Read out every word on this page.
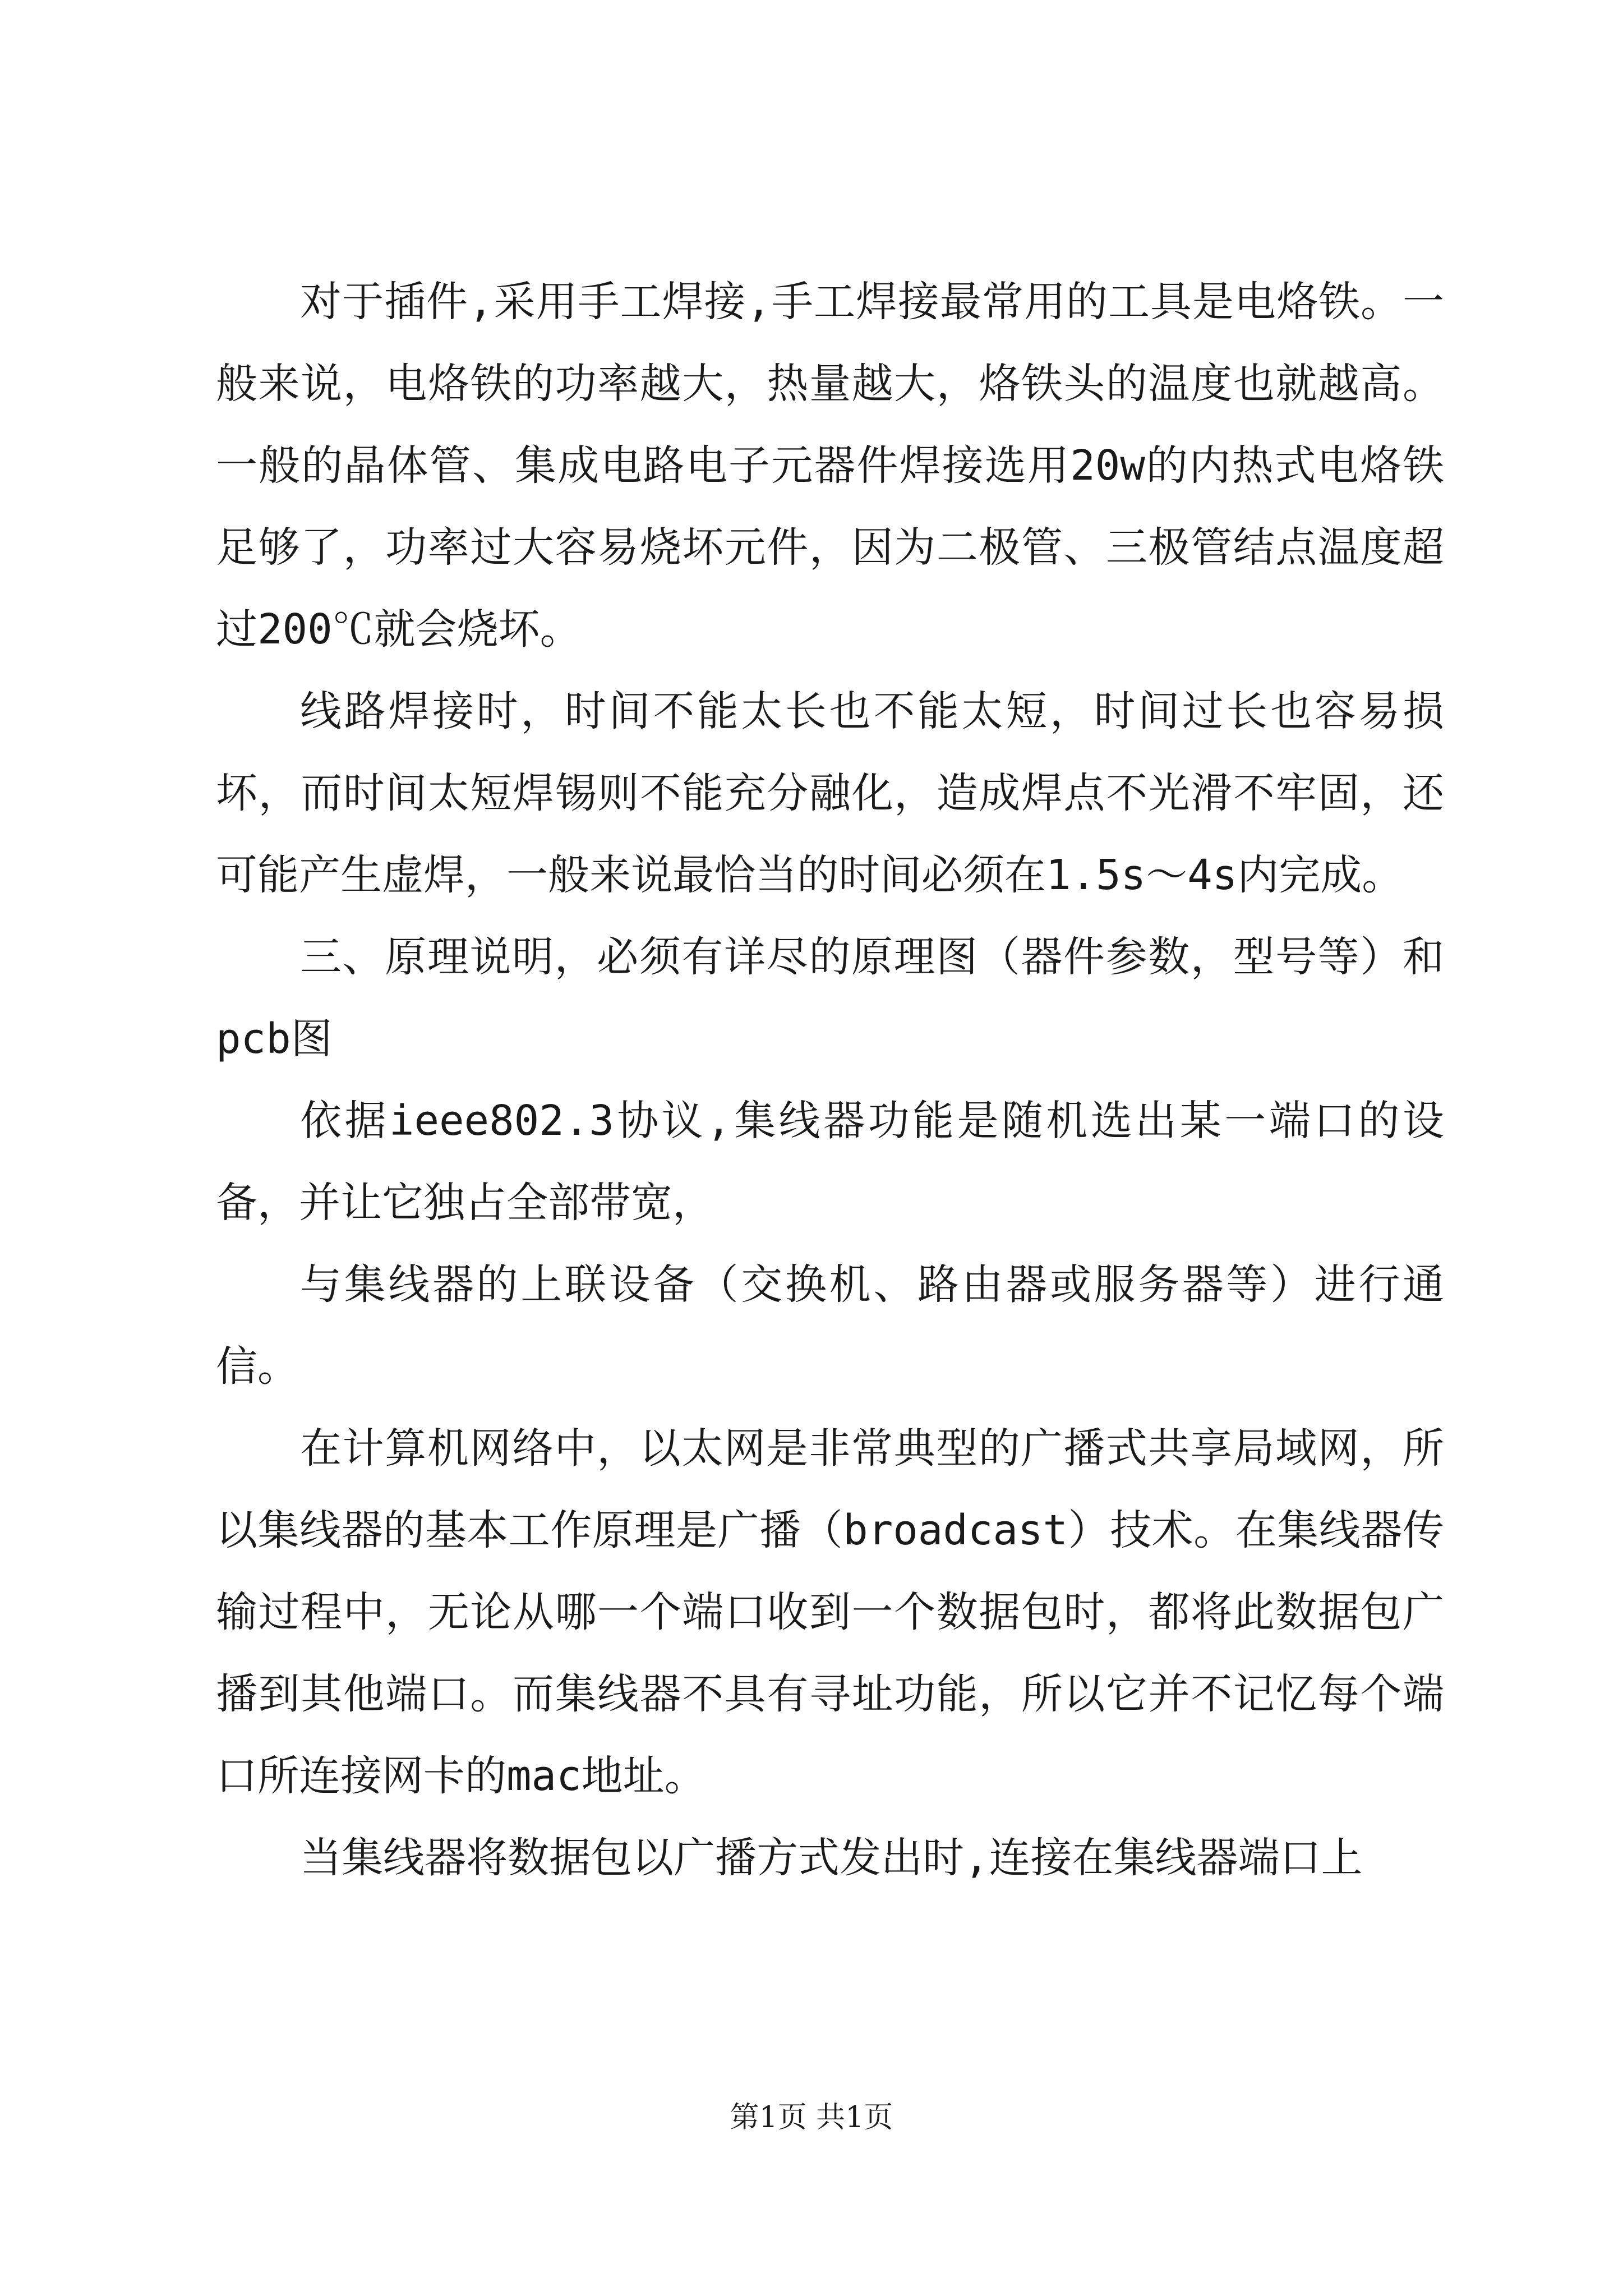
对于插件,采用手工焊接,手工焊接最常用的工具是电烙铁。一般来说，电烙铁的功率越大，热量越大，烙铁头的温度也就越高。一般的晶体管、集成电路电子元器件焊接选用20w的内热式电烙铁足够了，功率过大容易烧坏元件，因为二极管、三极管结点温度超过200℃就会烧坏。

线路焊接时，时间不能太长也不能太短，时间过长也容易损坏，而时间太短焊锡则不能充分融化，造成焊点不光滑不牢固，还可能产生虚焊，一般来说最恰当的时间必须在1.5s～4s内完成。

三、原理说明，必须有详尽的原理图（器件参数，型号等）和pcb图

依据ieee802.3协议,集线器功能是随机选出某一端口的设备，并让它独占全部带宽，

与集线器的上联设备（交换机、路由器或服务器等）进行通信。

在计算机网络中，以太网是非常典型的广播式共享局域网，所以集线器的基本工作原理是广播（broadcast）技术。在集线器传输过程中，无论从哪一个端口收到一个数据包时，都将此数据包广播到其他端口。而集线器不具有寻址功能，所以它并不记忆每个端口所连接网卡的mac地址。

当集线器将数据包以广播方式发出时,连接在集线器端口上

第1页 共1页
